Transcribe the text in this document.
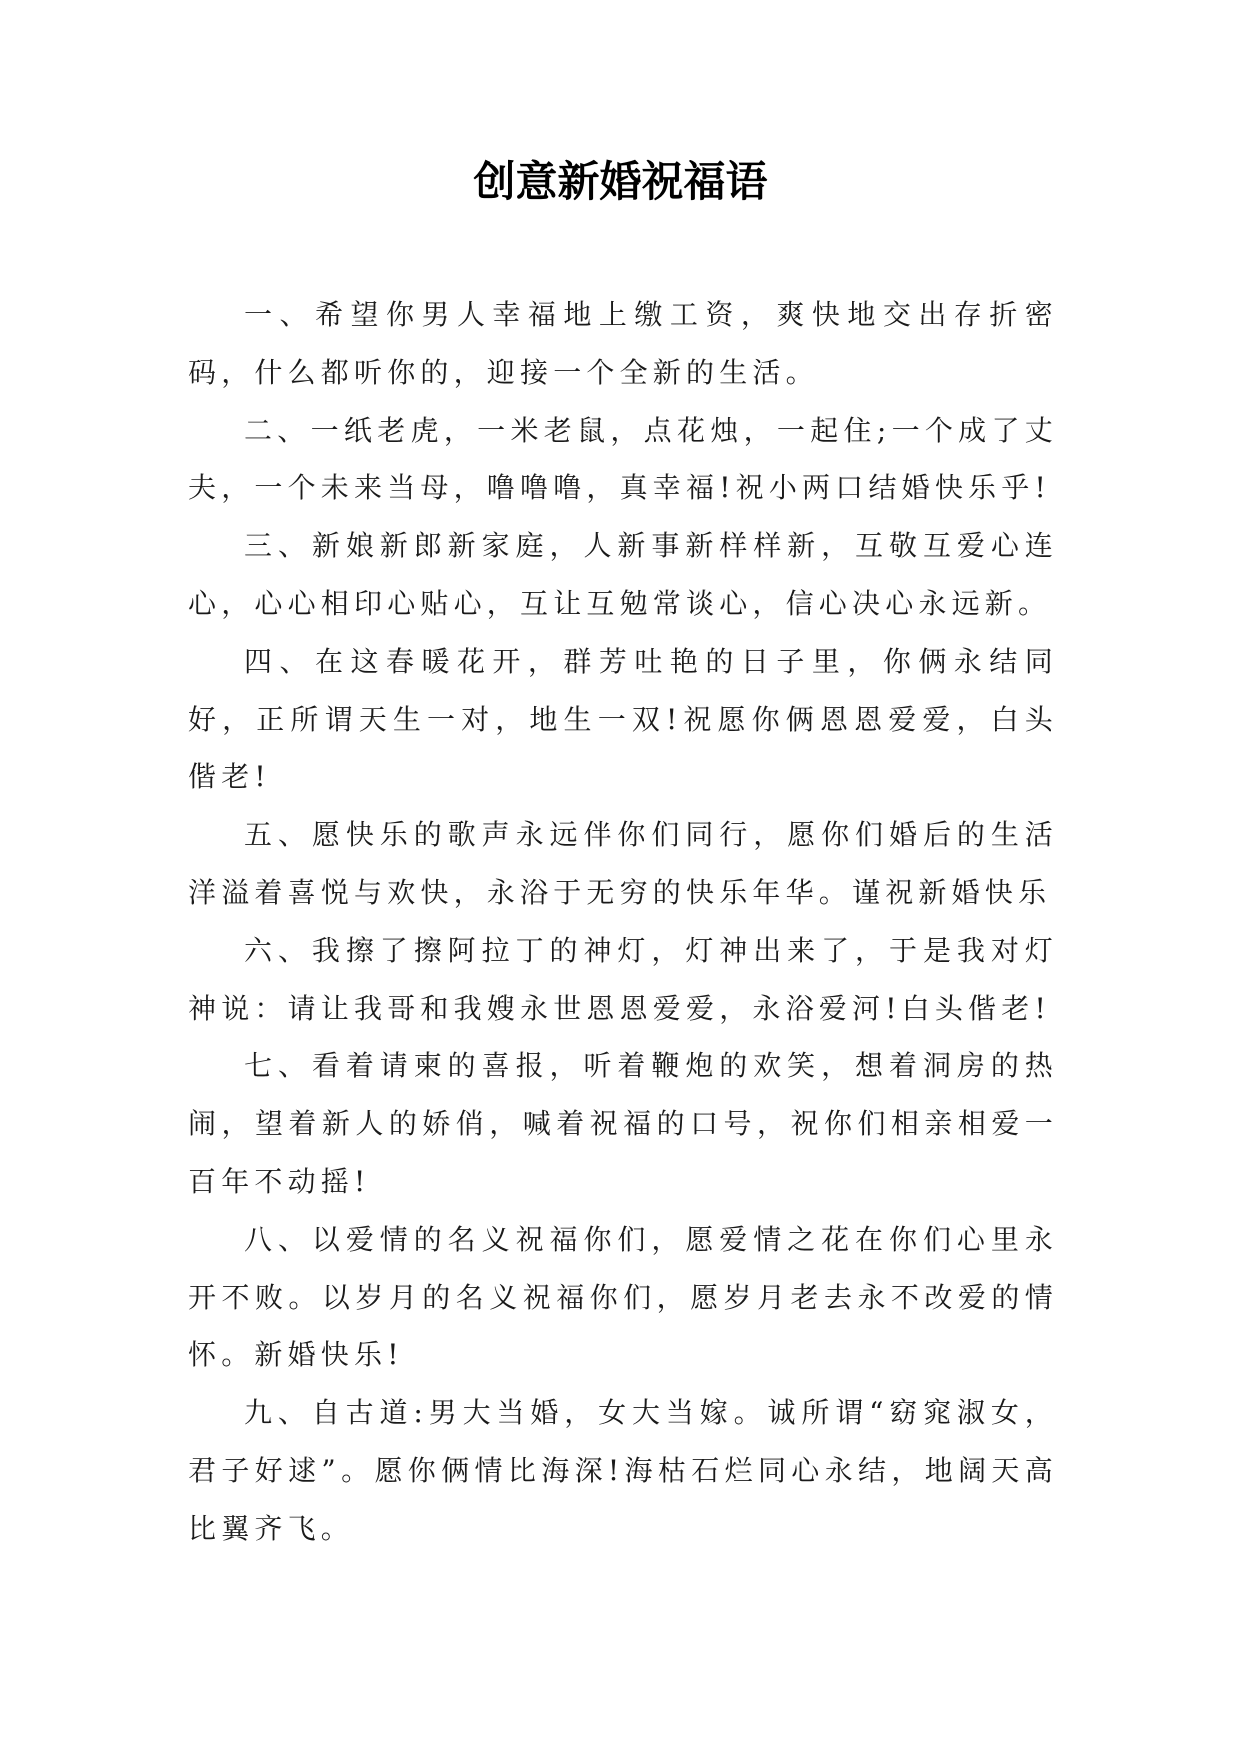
创意新婚祝福语

一、希望你男人幸福地上缴工资，爽快地交出存折密码，什么都听你的，迎接一个全新的生活。

二、一纸老虎，一米老鼠，点花烛，一起住;一个成了丈夫，一个未来当母，噜噜噜，真幸福!祝小两口结婚快乐乎!

三、新娘新郎新家庭，人新事新样样新，互敬互爱心连心，心心相印心贴心，互让互勉常谈心，信心决心永远新。

四、在这春暖花开，群芳吐艳的日子里，你俩永结同好，正所谓天生一对，地生一双!祝愿你俩恩恩爱爱，白头偕老!

五、愿快乐的歌声永远伴你们同行，愿你们婚后的生活洋溢着喜悦与欢快，永浴于无穷的快乐年华。谨祝新婚快乐

六、我擦了擦阿拉丁的神灯，灯神出来了，于是我对灯神说：请让我哥和我嫂永世恩恩爱爱，永浴爱河!白头偕老!

七、看着请柬的喜报，听着鞭炮的欢笑，想着洞房的热闹，望着新人的娇俏，喊着祝福的口号，祝你们相亲相爱一百年不动摇!

八、以爱情的名义祝福你们，愿爱情之花在你们心里永开不败。以岁月的名义祝福你们，愿岁月老去永不改爱的情怀。新婚快乐!

九、自古道:男大当婚，女大当嫁。诚所谓“窈窕淑女，君子好逑”。愿你俩情比海深!海枯石烂同心永结，地阔天高比翼齐飞。
